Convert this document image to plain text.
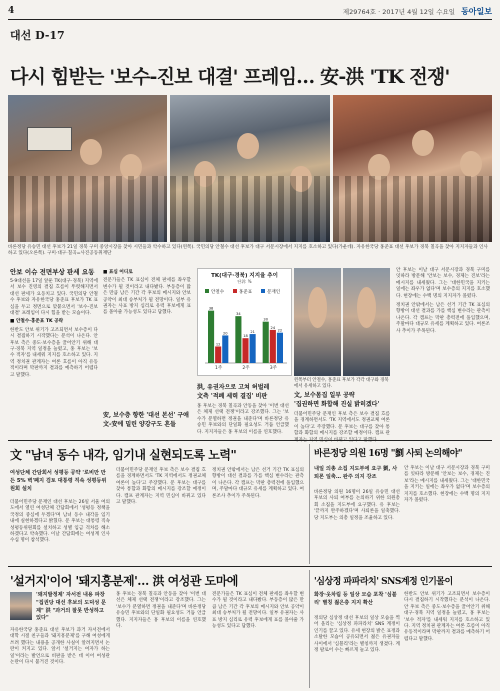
4	제29764호 · 2017년 4월 12일 수요일 동아일보
대선 D-17
다시 힘받는 '보수-진보 대결' 프레임… 安-洪 'TK 전쟁'
바른정당 유승민 대선 후보가 21일 경북 구미 중앙시장을 찾아 시민들과 악수하고 있다(왼쪽). 국민의당 안철수 대선 후보가 대구 서문시장에서 지지를 호소하고 있다(가운데). 자유한국당 홍준표 대선 후보가 경북 칠곡을 찾아 지지자들과 인사하고 있다(오른쪽). 구미·대구·칠곡=사진공동취재단
안보 이슈 전면부상 판세 요동
5·9대선을 17일 앞둔 TK(대구·경북) 지역에서 보수 진영의 결집 흐름이 뚜렷해지면서 대선 판세가 요동치고 있다. 국민의당 안철수 후보와 자유한국당 홍준표 후보가 TK 표심을 두고 정면으로 맞붙으면서 '보수-진보 대결' 프레임이 다시 힘을 받는 모습이다.
■ 안철수·홍준표 TK 공략
한반도 안보 위기가 고조되면서 보수층이 다시 결집하기 시작했다는 분석이 나온다. 안 후보 측은 중도·보수층을 끌어안기 위해 대구·경북 지역 일정을 늘렸고, 홍 후보는 '보수 적자'를 내세워 지지를 호소하고 있다. 지역 정치권 관계자는 여론 흐름이 아직 유동적이라며 막판까지 결과를 예측하기 어렵다고 말했다.
■ 표심 어디로
전문가들은 TK 표심이 전체 판세를 좌우할 변수가 될 것이라고 내다봤다. 부동층이 많은 만큼 남은 기간 각 후보의 메시지와 안보 공약이 최대 승부처가 될 전망이다. 일부 유권자는 사표 방지 심리로 유력 후보에게 표를 몰아줄 가능성도 있다고 답했다.
TK(대구·경북) 지지율 추이
단위: %
안철수	홍준표	문재인
38
12
20
1주
34
18
21
2주
30
24
22
3주
왼쪽부터 안철수, 홍준표 후보가 각각 대구와 경북에서 유세하고 있다.
安, 보수층 향한 '대선 본선' 구애
文-安에 밀린 양강구도 흔들
洪, 유권자으로 고쳐 허벌레
文측 '적폐 세력 결집' 비판	文, 보수몸집 일부 공략
'집권하면 화합해 진실 밝히겠다'
홍 후보는 경북 칠곡과 안동을 찾아 '이번 대선은 체제 선택 전쟁'이라고 강조했다. 그는 '보수가 분열하면 정권을 내준다'며 바른정당 유승민 후보와의 단일화 필요성도 거듭 언급했다. 지지자들은 홍 후보의 이름을 연호했다.
더불어민주당 문재인 후보 측은 보수 결집 흐름을 경계하면서도 'TK 지역에서도 정권교체 여론이 높다'고 주장했다. 문 후보는 대구를 찾아 통합과 화합의 메시지를 강조할 예정이다. 캠프 관
안 후보는 이날 대구 서문시장과 경북 구미를 잇따라 방문해 '안보는 보수, 경제는 진보'라는 메시지를 내세웠다. 그는 '대한민국을 지키는 일에는 좌우가 없다'며 보수층의 지지를 호소했다. 현장에는 수백 명의 지지자가 몰렸다.
정치권 안팎에서는 남은 선거 기간 TK 표심의 향방이 대선 결과를 가를 핵심 변수라는 관측이 나온다. 각 캠프는 막판 총력전에 돌입했으며, 주말마다 대규모 유세를 계획하고 있다. 여론조사 추이가 주목된다.
文 "남녀 동수 내각, 임기내 실현되도록 노력"
여성단체 간담회서 성평등 공약 '로비만 만든 5% 벽'폐지 검토 대통령 직속 성평등위원회 설치
더불어민주당 문재인 대선 후보는 26일 서울 여의도에서 열린 여성단체 간담회에서 '성평등 정책을 국정의 중심에 두겠다'며 남녀 동수 내각을 임기 내에 실현하겠다고 밝혔다. 문 후보는 대통령 직속 성평등위원회를 설치하고 성별 임금 격차를 해소하겠다고 약속했다. 이날 간담회에는 여성계 인사 수십 명이 참석했다.
더불어민주당 문재인 후보 측은 보수 결집 흐름을 경계하면서도 'TK 지역에서도 정권교체 여론이 높다'고 주장했다. 문 후보는 대구를 찾아 통합과 화합의 메시지를 강조할 예정이다. 캠프 관계자는 지역 민심이 바뀌고 있다고 말했다.
정치권 안팎에서는 남은 선거 기간 TK 표심의 향방이 대선 결과를 가를 핵심 변수라는 관측이 나온다. 각 캠프는 막판 총력전에 돌입했으며, 주말마다 대규모 유세를 계획하고 있다. 여론조사 추이가 주목된다.
바른정당 의원 16명 "劉 사퇴 논의해야"
내일 의총 소집 지도부에 요구 劉, 사퇴론 일축… 완주 의지 강조
바른정당 의원 16명이 26일 유승민 대선 후보의 사퇴 여부를 논의하기 위한 의원총회 소집을 지도부에 요구했다. 유 후보는 '끝까지 완주하겠다'며 사퇴론을 일축했다. 당 지도부는 의총 일정을 조율하고 있다.
안 후보는 이날 대구 서문시장과 경북 구미를 잇따라 방문해 '안보는 보수, 경제는 진보'라는 메시지를 내세웠다. 그는 '대한민국을 지키는 일에는 좌우가 없다'며 보수층의 지지를 호소했다. 현장에는 수백 명의 지지자가 몰렸다.
'설거지'이어 '돼지흥분제'… 洪 여성관 도마에
'돼지발정제' 자서전 내용 파장 "집권당 대선 후보의 도덕성 문제" 洪 "과거의 잘못 반성하고 있다"
자유한국당 홍준표 대선 후보가 과거 자서전에서 대학 시절 친구들과 '돼지흥분제'를 구해 여성에게 쓰려 했다는 내용을 공개한 사실이 알려지면서 논란이 커지고 있다. 앞서 '설거지는 여자가 하는 일'이라는 발언으로 비판을 받은 데 이어 여성관 논란이 다시 불거진 것이다.
홍 후보는 경북 칠곡과 안동을 찾아 '이번 대선은 체제 선택 전쟁'이라고 강조했다. 그는 '보수가 분열하면 정권을 내준다'며 바른정당 유승민 후보와의 단일화 필요성도 거듭 언급했다. 지지자들은 홍 후보의 이름을 연호했다.
전문가들은 TK 표심이 전체 판세를 좌우할 변수가 될 것이라고 내다봤다. 부동층이 많은 만큼 남은 기간 각 후보의 메시지와 안보 공약이 최대 승부처가 될 전망이다. 일부 유권자는 사표 방지 심리로 유력 후보에게 표를 몰아줄 가능성도 있다고 답했다.
'심상정 파파라치' SNS계정 인기몰이
화장·옷차림 등 일상 모습 포착 '심블리' 별칭 젊은층 지지 확산
정의당 심상정 대선 후보의 일상 모습을 찍어 올리는 '심상정 파파라치' SNS 계정이 인기를 끌고 있다. 유세 현장의 밝은 표정과 소탈한 모습이 공유되면서 젊은 유권자들 사이에서 '심블리'라는 별칭까지 생겼다. 계정 팔로어 수는 빠르게 늘고 있다.
한반도 안보 위기가 고조되면서 보수층이 다시 결집하기 시작했다는 분석이 나온다. 안 후보 측은 중도·보수층을 끌어안기 위해 대구·경북 지역 일정을 늘렸고, 홍 후보는 '보수 적자'를 내세워 지지를 호소하고 있다. 지역 정치권 관계자는 여론 흐름이 아직 유동적이라며 막판까지 결과를 예측하기 어렵다고 말했다.
